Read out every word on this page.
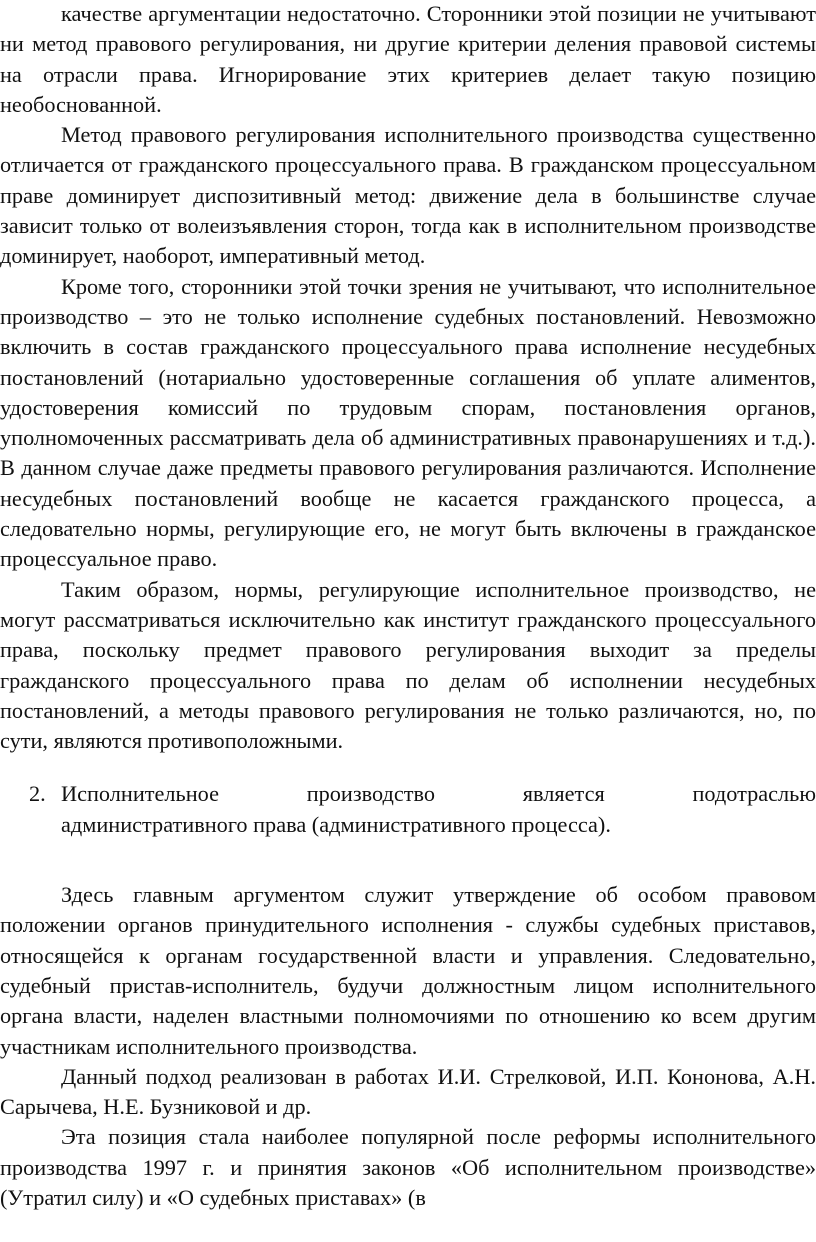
качестве аргументации недостаточно. Сторонники этой позиции не учитывают ни метод правового регулирования, ни другие критерии деления правовой системы на отрасли права. Игнорирование этих критериев делает такую позицию необоснованной.

Метод правового регулирования исполнительного производства существенно отличается от гражданского процессуального права. В гражданском процессуальном праве доминирует диспозитивный метод: движение дела в большинстве случае зависит только от волеизъявления сторон, тогда как в исполнительном производстве доминирует, наоборот, императивный метод.

Кроме того, сторонники этой точки зрения не учитывают, что исполнительное производство – это не только исполнение судебных постановлений. Невозможно включить в состав гражданского процессуального права исполнение несудебных постановлений (нотариально удостоверенные соглашения об уплате алиментов, удостоверения комиссий по трудовым спорам, постановления органов, уполномоченных рассматривать дела об административных правонарушениях и т.д.). В данном случае даже предметы правового регулирования различаются. Исполнение несудебных постановлений вообще не касается гражданского процесса, а следовательно нормы, регулирующие его, не могут быть включены в гражданское процессуальное право.

Таким образом, нормы, регулирующие исполнительное производство, не могут рассматриваться исключительно как институт гражданского процессуального права, поскольку предмет правового регулирования выходит за пределы гражданского процессуального права по делам об исполнении несудебных постановлений, а методы правового регулирования не только различаются, но, по сути, являются противоположными.

2. Исполнительное производство является подотраслью
административного права (административного процесса).

Здесь главным аргументом служит утверждение об особом правовом положении органов принудительного исполнения - службы судебных приставов, относящейся к органам государственной власти и управления. Следовательно, судебный пристав-исполнитель, будучи должностным лицом исполнительного органа власти, наделен властными полномочиями по отношению ко всем другим участникам исполнительного производства.

Данный подход реализован в работах И.И. Стрелковой, И.П. Кононова, А.Н. Сарычева, Н.Е. Бузниковой и др.

Эта позиция стала наиболее популярной после реформы исполнительного производства 1997 г. и принятия законов «Об исполнительном производстве» (Утратил силу) и «О судебных приставах» (в
